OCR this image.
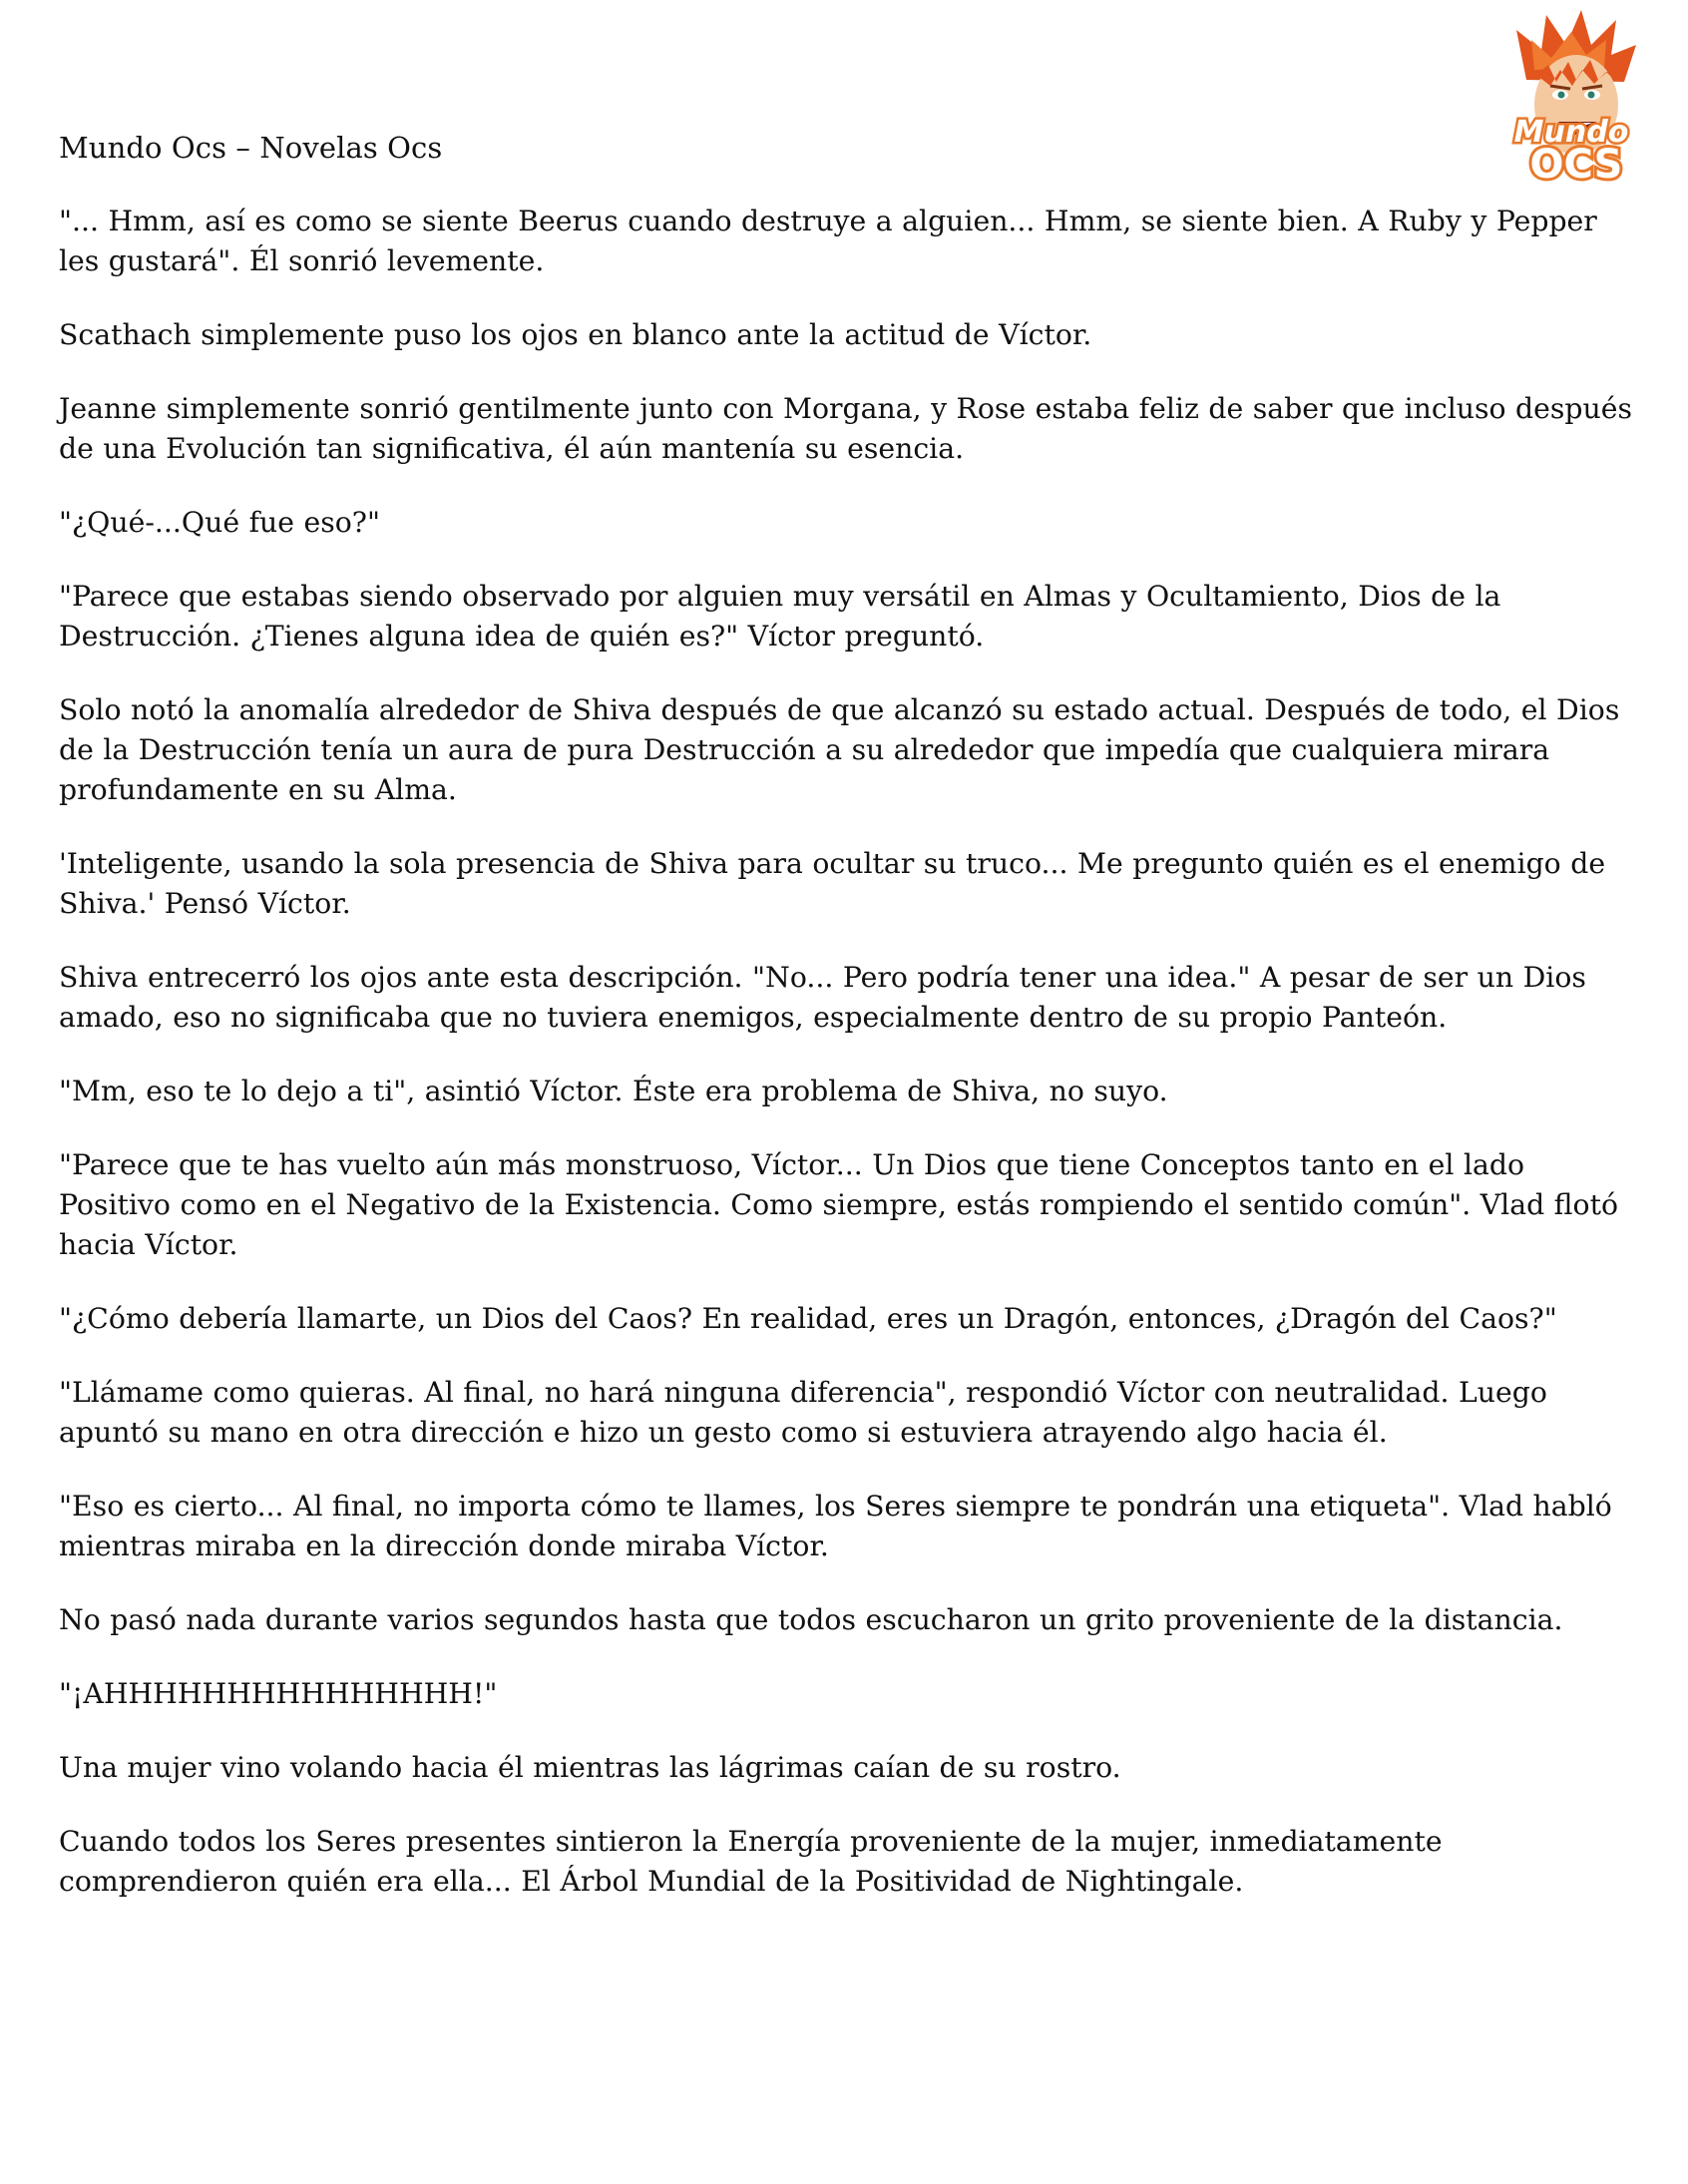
Mundo Ocs – Novelas Ocs	Mundo
OCS

"... Hmm, así es como se siente Beerus cuando destruye a alguien... Hmm, se siente bien. A Ruby y Pepper les gustará". Él sonrió levemente.

Scathach simplemente puso los ojos en blanco ante la actitud de Víctor.

Jeanne simplemente sonrió gentilmente junto con Morgana, y Rose estaba feliz de saber que incluso después de una Evolución tan significativa, él aún mantenía su esencia.

"¿Qué-...Qué fue eso?"

"Parece que estabas siendo observado por alguien muy versátil en Almas y Ocultamiento, Dios de la Destrucción. ¿Tienes alguna idea de quién es?" Víctor preguntó.

Solo notó la anomalía alrededor de Shiva después de que alcanzó su estado actual. Después de todo, el Dios de la Destrucción tenía un aura de pura Destrucción a su alrededor que impedía que cualquiera mirara profundamente en su Alma.

'Inteligente, usando la sola presencia de Shiva para ocultar su truco... Me pregunto quién es el enemigo de Shiva.' Pensó Víctor.

Shiva entrecerró los ojos ante esta descripción. "No... Pero podría tener una idea." A pesar de ser un Dios amado, eso no significaba que no tuviera enemigos, especialmente dentro de su propio Panteón.

"Mm, eso te lo dejo a ti", asintió Víctor. Éste era problema de Shiva, no suyo.

"Parece que te has vuelto aún más monstruoso, Víctor... Un Dios que tiene Conceptos tanto en el lado Positivo como en el Negativo de la Existencia. Como siempre, estás rompiendo el sentido común". Vlad flotó hacia Víctor.

"¿Cómo debería llamarte, un Dios del Caos? En realidad, eres un Dragón, entonces, ¿Dragón del Caos?"

"Llámame como quieras. Al final, no hará ninguna diferencia", respondió Víctor con neutralidad. Luego apuntó su mano en otra dirección e hizo un gesto como si estuviera atrayendo algo hacia él.

"Eso es cierto... Al final, no importa cómo te llames, los Seres siempre te pondrán una etiqueta". Vlad habló mientras miraba en la dirección donde miraba Víctor.

No pasó nada durante varios segundos hasta que todos escucharon un grito proveniente de la distancia.

"¡AHHHHHHHHHHHHHHH!"

Una mujer vino volando hacia él mientras las lágrimas caían de su rostro.

Cuando todos los Seres presentes sintieron la Energía proveniente de la mujer, inmediatamente comprendieron quién era ella... El Árbol Mundial de la Positividad de Nightingale.
